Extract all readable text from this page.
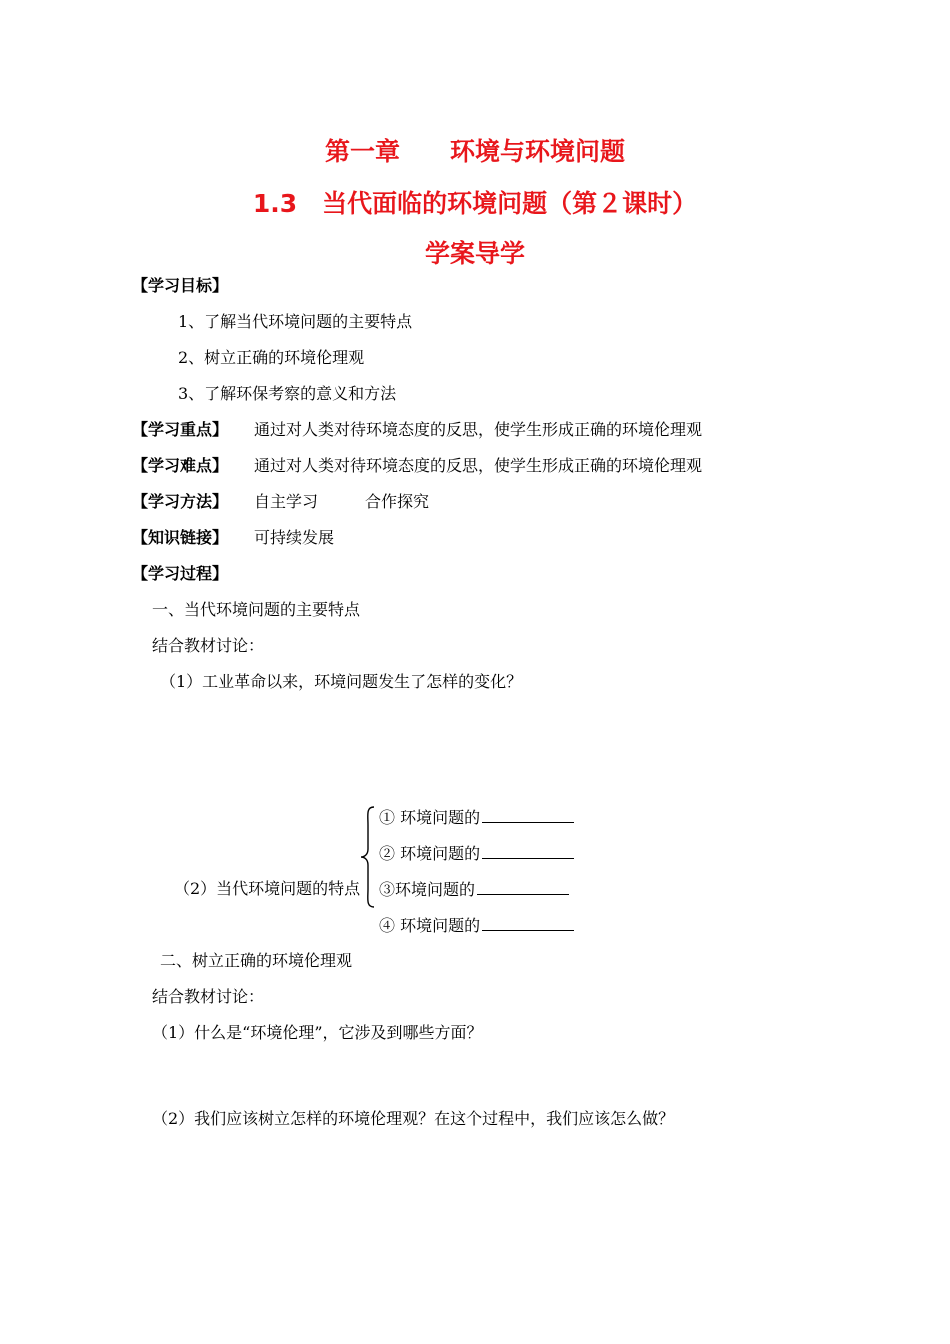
第一章　　环境与环境问题
1.3　当代面临的环境问题（第２课时）
学案导学
【学习目标】
1、了解当代环境问题的主要特点
2、树立正确的环境伦理观
3、了解环保考察的意义和方法
【学习重点】 通过对人类对待环境态度的反思，使学生形成正确的环境伦理观
【学习难点】 通过对人类对待环境态度的反思，使学生形成正确的环境伦理观
【学习方法】 自主学习	合作探究
【知识链接】 可持续发展
【学习过程】
一、当代环境问题的主要特点
结合教材讨论：
（1）工业革命以来，环境问题发生了怎样的变化？
（2）当代环境问题的特点
① 环境问题的
② 环境问题的
③环境问题的
④ 环境问题的
二、树立正确的环境伦理观
结合教材讨论：
（1）什么是“环境伦理”，它涉及到哪些方面？
（2）我们应该树立怎样的环境伦理观？在这个过程中，我们应该怎么做？
